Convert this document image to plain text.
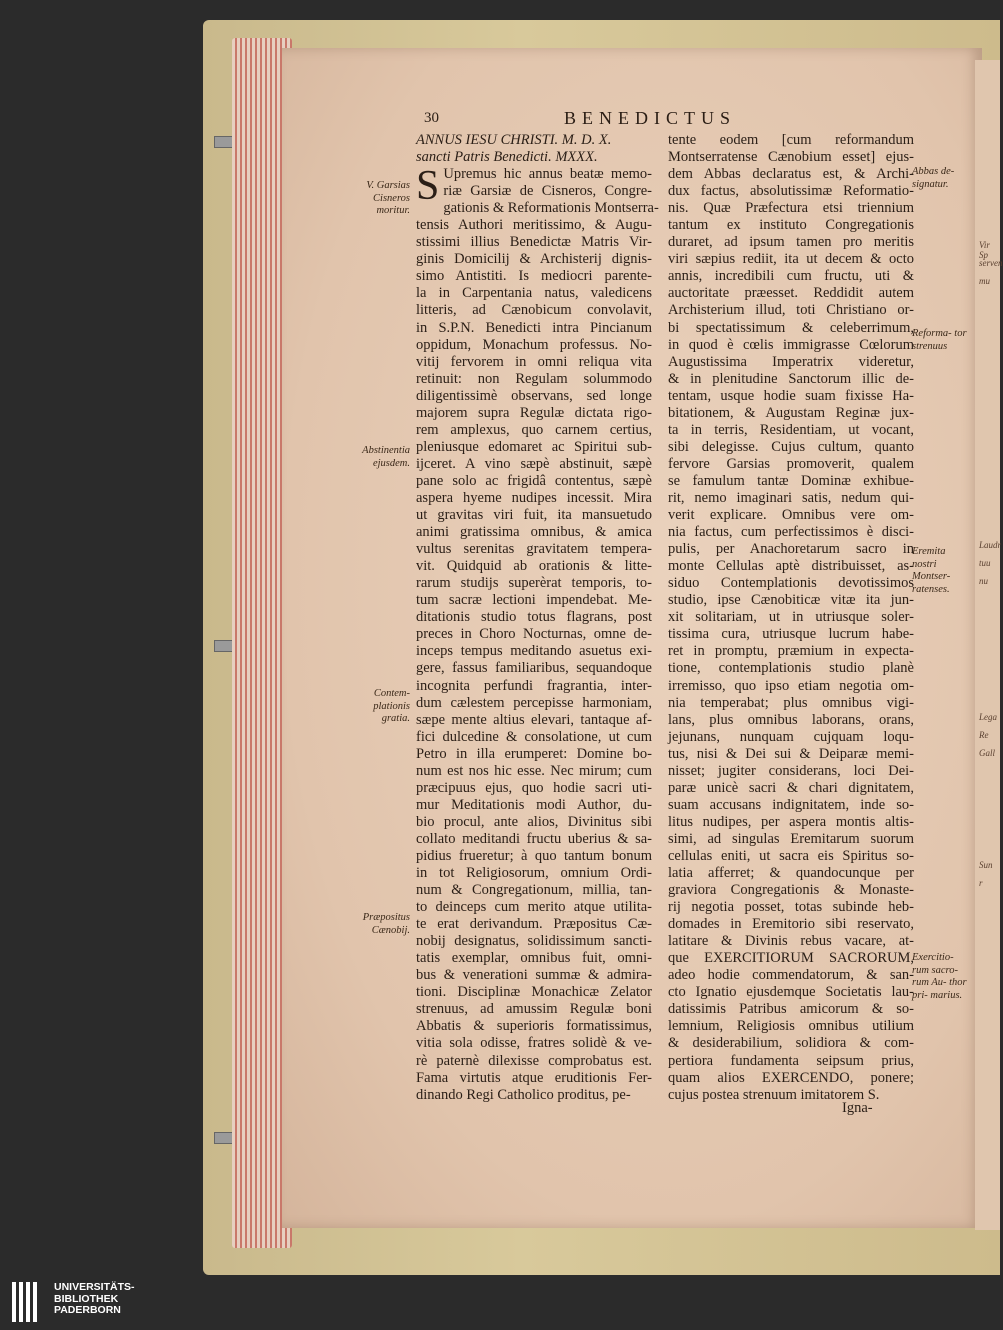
Vir Sp
serven
mu
Laudr
tuu
nu
Lega
Re
Gall
Sun
r
30	BENEDICTUS
ANNUS IESU CHRISTI. M. D. X.
sancti Patris Benedicti. MXXX.
S Upremus hic annus beatæ memo-
riæ Garsiæ de Cisneros, Congre-
gationis & Reformationis Montserra-
tensis Authori meritissimo, & Augu-
stissimi illius Benedictæ Matris Vir-
ginis Domicilij & Archisterij dignis-
simo Antistiti. Is mediocri parente-
la in Carpentania natus, valedicens
litteris, ad Cænobicum convolavit,
in S.P.N. Benedicti intra Pincianum
oppidum, Monachum professus. No-
vitij fervorem in omni reliqua vita
retinuit: non Regulam solummodo
diligentissimè observans, sed longe
majorem supra Regulæ dictata rigo-
rem amplexus, quo carnem certius,
pleniusque edomaret ac Spiritui sub-
ijceret. A vino sæpè abstinuit, sæpè
pane solo ac frigidâ contentus, sæpè
aspera hyeme nudipes incessit. Mira
ut gravitas viri fuit, ita mansuetudo
animi gratissima omnibus, & amica
vultus serenitas gravitatem tempera-
vit. Quidquid ab orationis & litte-
rarum studijs superèrat temporis, to-
tum sacræ lectioni impendebat. Me-
ditationis studio totus flagrans, post
preces in Choro Nocturnas, omne de-
inceps tempus meditando asuetus exi-
gere, fassus familiaribus, sequandoque
incognita perfundi fragrantia, inter-
dum cælestem percepisse harmoniam,
sæpe mente altius elevari, tantaque af-
fici dulcedine & consolatione, ut cum
Petro in illa erumperet: Domine bo-
num est nos hic esse. Nec mirum; cum
præcipuus ejus, quo hodie sacri uti-
mur Meditationis modi Author, du-
bio procul, ante alios, Divinitus sibi
collato meditandi fructu uberius & sa-
pidius frueretur; à quo tantum bonum
in tot Religiosorum, omnium Ordi-
num & Congregationum, millia, tan-
to deinceps cum merito atque utilita-
te erat derivandum. Præpositus Cæ-
nobij designatus, solidissimum sancti-
tatis exemplar, omnibus fuit, omni-
bus & venerationi summæ & admira-
tioni. Disciplinæ Monachicæ Zelator
strenuus, ad amussim Regulæ boni
Abbatis & superioris formatissimus,
vitia sola odisse, fratres solidè & ve-
rè paternè dilexisse comprobatus est.
Fama virtutis atque eruditionis Fer-
dinando Regi Catholico proditus, pe-
tente eodem [cum reformandum
Montserratense Cænobium esset] ejus-
dem Abbas declaratus est, & Archi-
dux factus, absolutissimæ Reformatio-
nis. Quæ Præfectura etsi triennium
tantum ex instituto Congregationis
duraret, ad ipsum tamen pro meritis
viri sæpius rediit, ita ut decem & octo
annis, incredibili cum fructu, uti &
auctoritate præesset. Reddidit autem
Archisterium illud, toti Christiano or-
bi spectatissimum & celeberrimum,
in quod è cœlis immigrasse Cœlorum
Augustissima Imperatrix videretur,
& in plenitudine Sanctorum illic de-
tentam, usque hodie suam fixisse Ha-
bitationem, & Augustam Reginæ jux-
ta in terris, Residentiam, ut vocant,
sibi delegisse. Cujus cultum, quanto
fervore Garsias promoverit, qualem
se famulum tantæ Dominæ exhibue-
rit, nemo imaginari satis, nedum qui-
verit explicare. Omnibus vere om-
nia factus, cum perfectissimos è disci-
pulis, per Anachoretarum sacro in
monte Cellulas aptè distribuisset, as-
siduo Contemplationis devotissimos
studio, ipse Cænobiticæ vitæ ita jun-
xit solitariam, ut in utriusque soler-
tissima cura, utriusque lucrum habe-
ret in promptu, præmium in expecta-
tione, contemplationis studio planè
irremisso, quo ipso etiam negotia om-
nia temperabat; plus omnibus vigi-
lans, plus omnibus laborans, orans,
jejunans, nunquam cujquam loqu-
tus, nisi & Dei sui & Deiparæ memi-
nisset; jugiter considerans, loci Dei-
paræ unicè sacri & chari dignitatem,
suam accusans indignitatem, inde so-
litus nudipes, per aspera montis altis-
simi, ad singulas Eremitarum suorum
cellulas eniti, ut sacra eis Spiritus so-
latia afferret; & quandocunque per
graviora Congregationis & Monaste-
rij negotia posset, totas subinde heb-
domades in Eremitorio sibi reservato,
latitare & Divinis rebus vacare, at-
que EXERCITIORUM SACRORUM,
adeo hodie commendatorum, & san-
cto Ignatio ejusdemque Societatis lau-
datissimis Patribus amicorum & so-
lemnium, Religiosis omnibus utilium
& desiderabilium, solidiora & com-
pertiora fundamenta seipsum prius,
quam alios EXERCENDO, ponere;
cujus postea strenuum imitatorem S.
Igna-
V. Garsias Cisneros moritur.
Abstinentia ejusdem.
Contem- plationis gratia.
Præpositus Cænobij.
Abbas de- signatur.
Reforma- tor strenuus
Eremita nostri Montser- ratenses.
Exercitio- rum sacro- rum Au- thor pri- marius.
UNIVERSITÄTS-
BIBLIOTHEK
PADERBORN
